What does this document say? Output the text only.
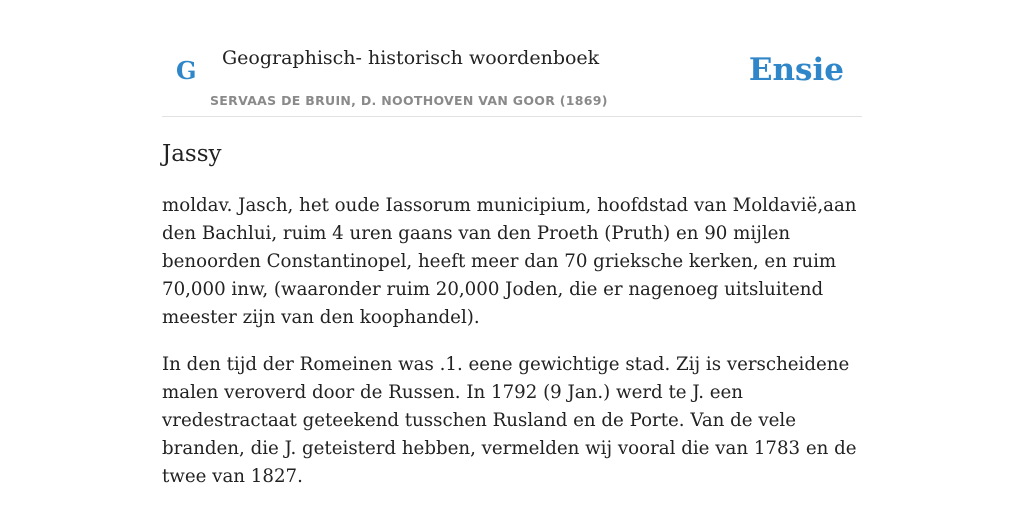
G Geographisch- historisch woordenboek
SERVAAS DE BRUIN, D. NOOTHOVEN VAN GOOR (1869)
Ensie
Jassy

moldav. Jasch, het oude Iassorum municipium, hoofdstad van Moldavië,aan den Bachlui, ruim 4 uren gaans van den Proeth (Pruth) en 90 mijlen benoorden Constantinopel, heeft meer dan 70 grieksche kerken, en ruim 70,000 inw, (waaronder ruim 20,000 Joden, die er nagenoeg uitsluitend meester zijn van den koophandel).

In den tijd der Romeinen was .1. eene gewichtige stad. Zij is verscheidene malen veroverd door de Russen. In 1792 (9 Jan.) werd te J. een vredestractaat geteekend tusschen Rusland en de Porte. Van de vele branden, die J. geteisterd hebben, vermelden wij vooral die van 1783 en de twee van 1827.
